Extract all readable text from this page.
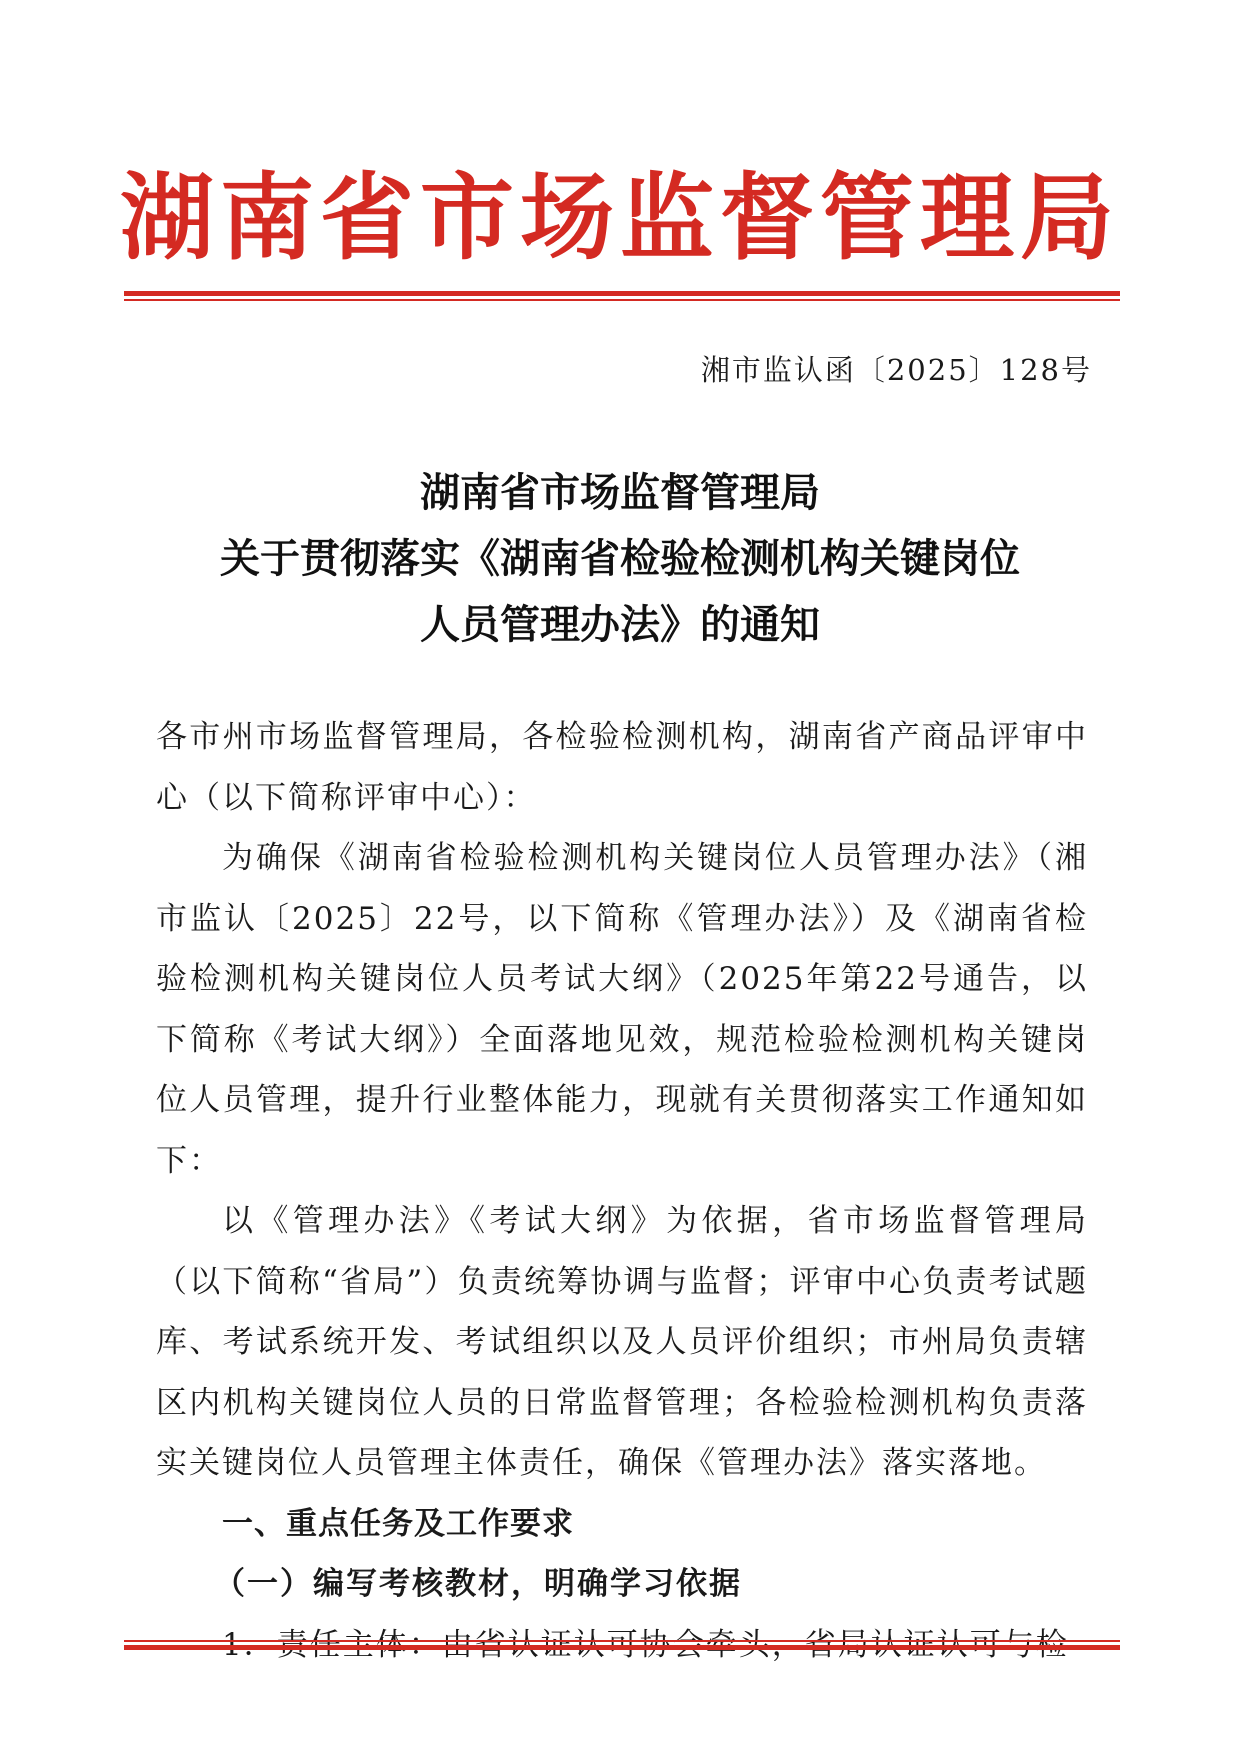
湖南省市场监督管理局
湘市监认函〔2025〕128号
湖南省市场监督管理局
关于贯彻落实《湖南省检验检测机构关键岗位
人员管理办法》的通知

各市州市场监督管理局，各检验检测机构，湖南省产商品评审中心（以下简称评审中心）：

为确保《湖南省检验检测机构关键岗位人员管理办法》（湘市监认〔2025〕22号，以下简称《管理办法》）及《湖南省检验检测机构关键岗位人员考试大纲》（2025年第22号通告，以下简称《考试大纲》）全面落地见效，规范检验检测机构关键岗位人员管理，提升行业整体能力，现就有关贯彻落实工作通知如下：

以《管理办法》《考试大纲》为依据，省市场监督管理局（以下简称“省局”）负责统筹协调与监督；评审中心负责考试题库、考试系统开发、考试组织以及人员评价组织；市州局负责辖区内机构关键岗位人员的日常监督管理；各检验检测机构负责落实关键岗位人员管理主体责任，确保《管理办法》落实落地。

一、重点任务及工作要求

（一）编写考核教材，明确学习依据
